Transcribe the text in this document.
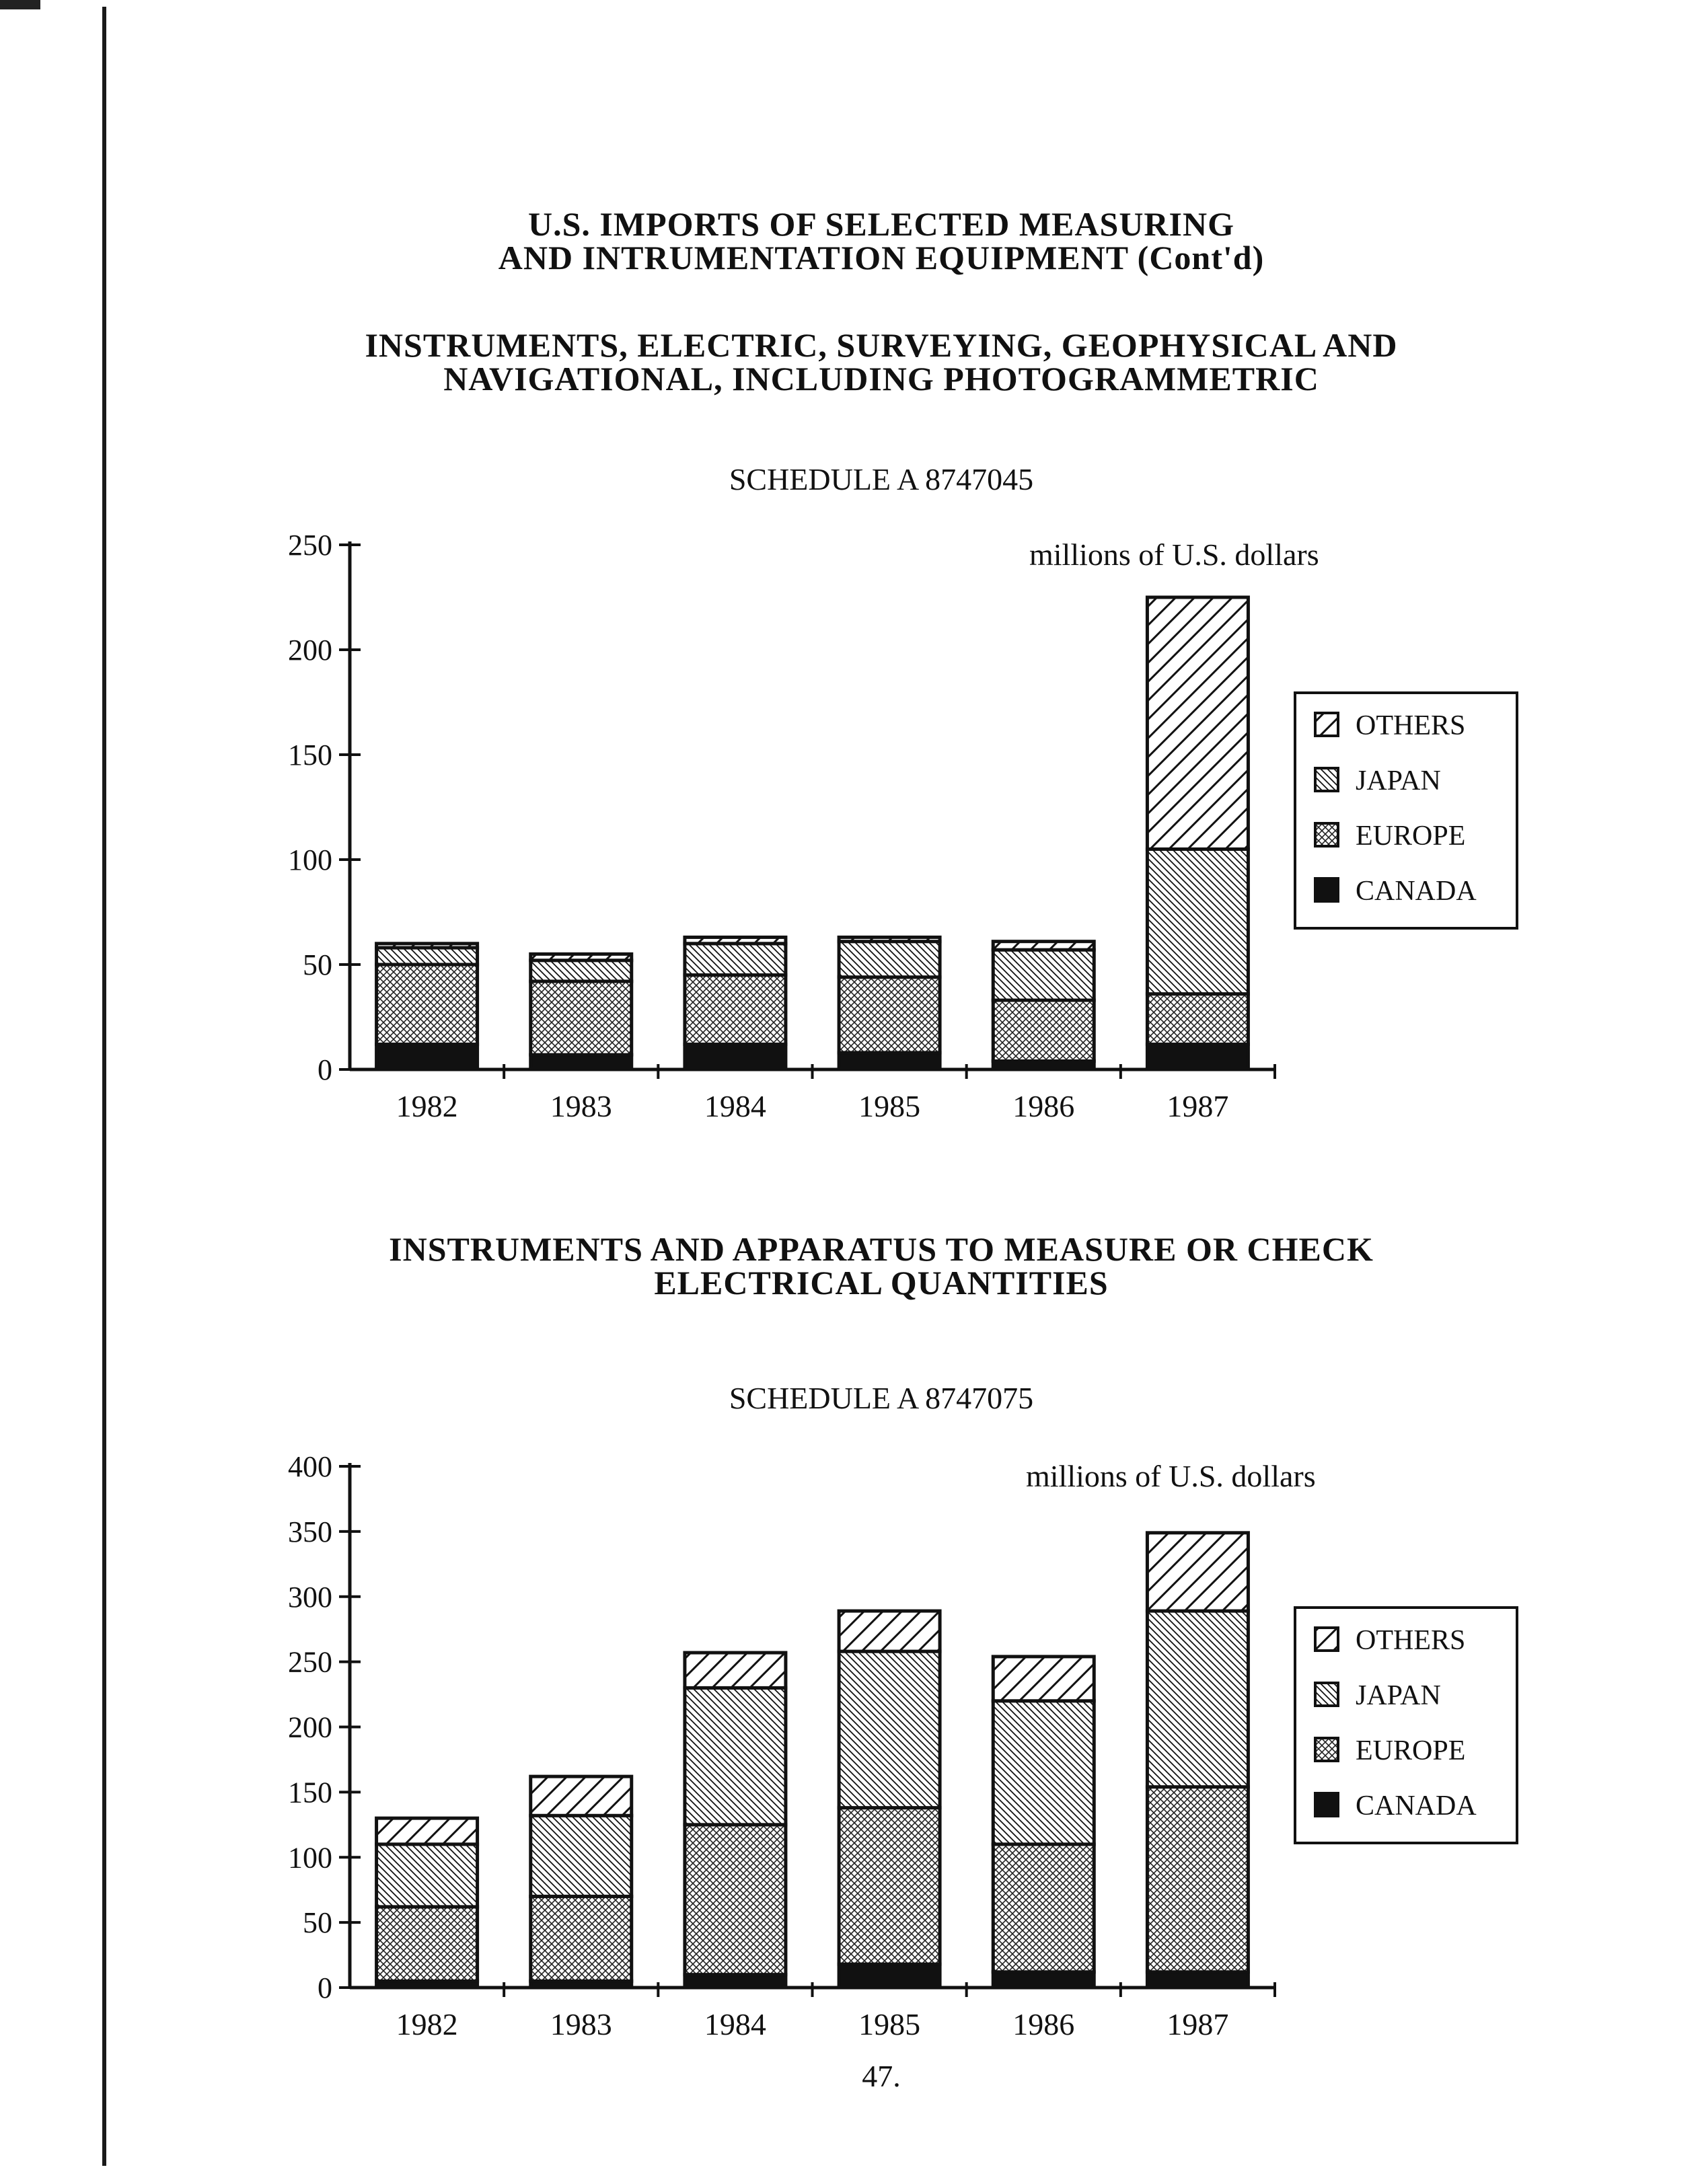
U.S. IMPORTS OF SELECTED MEASURING
AND INTRUMENTATION EQUIPMENT (Cont'd)
INSTRUMENTS, ELECTRIC, SURVEYING, GEOPHYSICAL AND
NAVIGATIONAL, INCLUDING PHOTOGRAMMETRIC
SCHEDULE A 8747045
0
50
100
150
200
250
1982	1983	1984	1985	1986	1987
millions of U.S. dollars
OTHERS
JAPAN
EUROPE
CANADA
INSTRUMENTS AND APPARATUS TO MEASURE OR CHECK
ELECTRICAL QUANTITIES
SCHEDULE A 8747075
0
50
100
150
200
250
300
350
400
1982	1983	1984	1985	1986	1987
millions of U.S. dollars
OTHERS
JAPAN
EUROPE
CANADA
47.
